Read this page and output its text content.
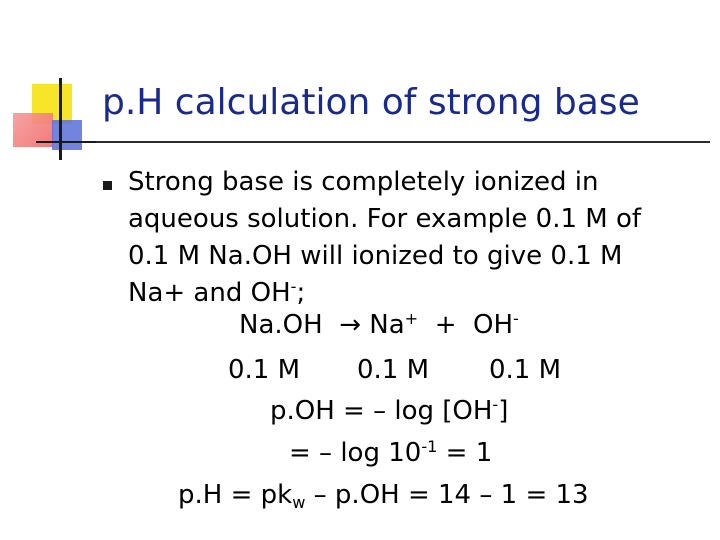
p.H calculation of strong base
Strong base is completely ionized in
aqueous solution. For example 0.1 M of
0.1 M Na.OH will ionized to give 0.1 M
Na+ and OH-;
Na.OH → Na+ + OH-
0.1 M 0.1 M 0.1 M
p.OH = – log [OH-]
= – $\log 10^{-1} = 1$
$p.H = pk_w - p.OH = 14 - 1 = 13$
